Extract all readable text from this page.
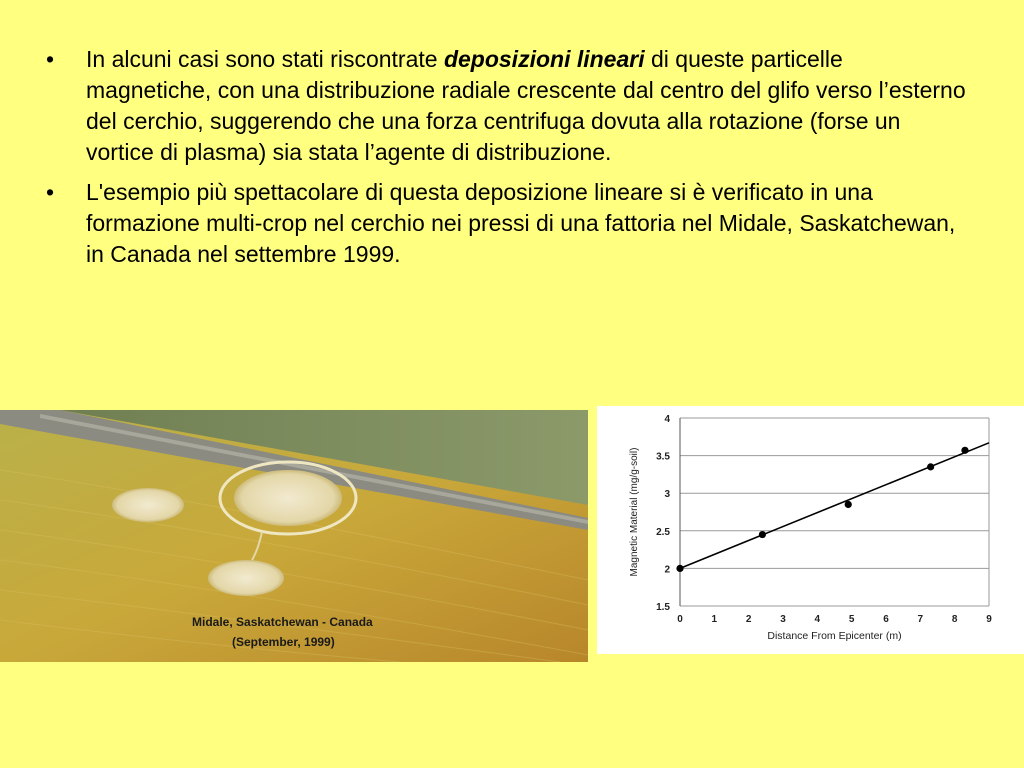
• In alcuni casi sono stati riscontrate deposizioni lineari di queste particelle magnetiche, con una distribuzione radiale crescente dal centro del glifo verso l’esterno del cerchio, suggerendo che una forza centrifuga dovuta alla rotazione (forse un vortice di plasma) sia stata l’agente di distribuzione.
• L'esempio più spettacolare di questa deposizione lineare si è verificato in una formazione multi-crop nel cerchio nei pressi di una fattoria nel Midale, Saskatchewan, in Canada nel settembre 1999.
Midale, Saskatchewan - Canada
(September, 1999)
1.5
2
2.5
3
3.5
4
0	1	2	3	4	5	6	7	8	9
Distance From Epicenter (m)
Magnetic Material (mg/g-soil)
